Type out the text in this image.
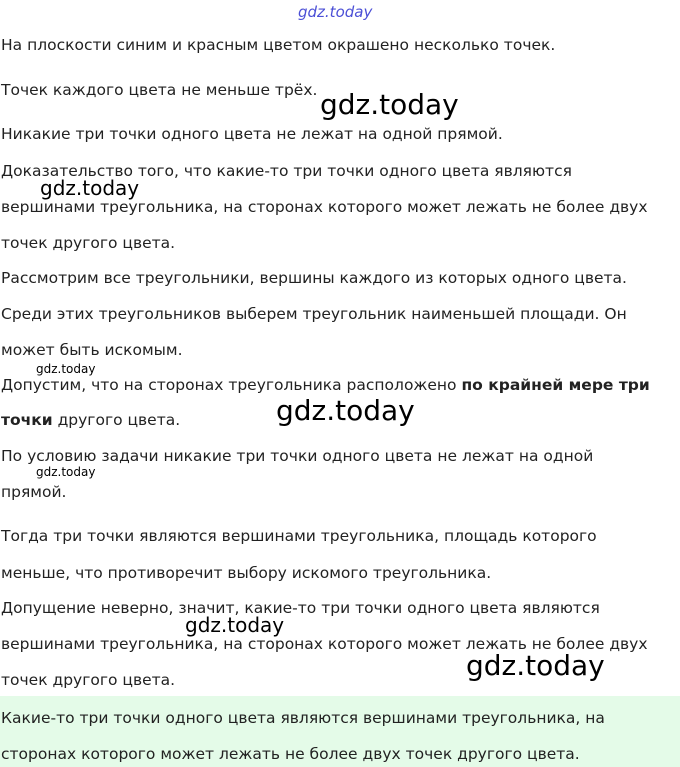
gdz.today

На плоскости синим и красным цветом окрашено несколько точек.

Точек каждого цвета не меньше трёх.

Никакие три точки одного цвета не лежат на одной прямой.

Доказательство того, что какие-то три точки одного цвета являются

вершинами треугольника, на сторонах которого может лежать не более двух

точек другого цвета.

Рассмотрим все треугольники, вершины каждого из которых одного цвета.

Среди этих треугольников выберем треугольник наименьшей площади. Он

может быть искомым.

Допустим, что на сторонах треугольника расположено по крайней мере три

точки другого цвета.

По условию задачи никакие три точки одного цвета не лежат на одной

прямой.

Тогда три точки являются вершинами треугольника, площадь которого

меньше, что противоречит выбору искомого треугольника.

Допущение неверно, значит, какие-то три точки одного цвета являются

вершинами треугольника, на сторонах которого может лежать не более двух

точек другого цвета.

Какие-то три точки одного цвета являются вершинами треугольника, на

сторонах которого может лежать не более двух точек другого цвета.

gdz.today
gdz.today
gdz.today
gdz.today
gdz.today
gdz.today
gdz.today
